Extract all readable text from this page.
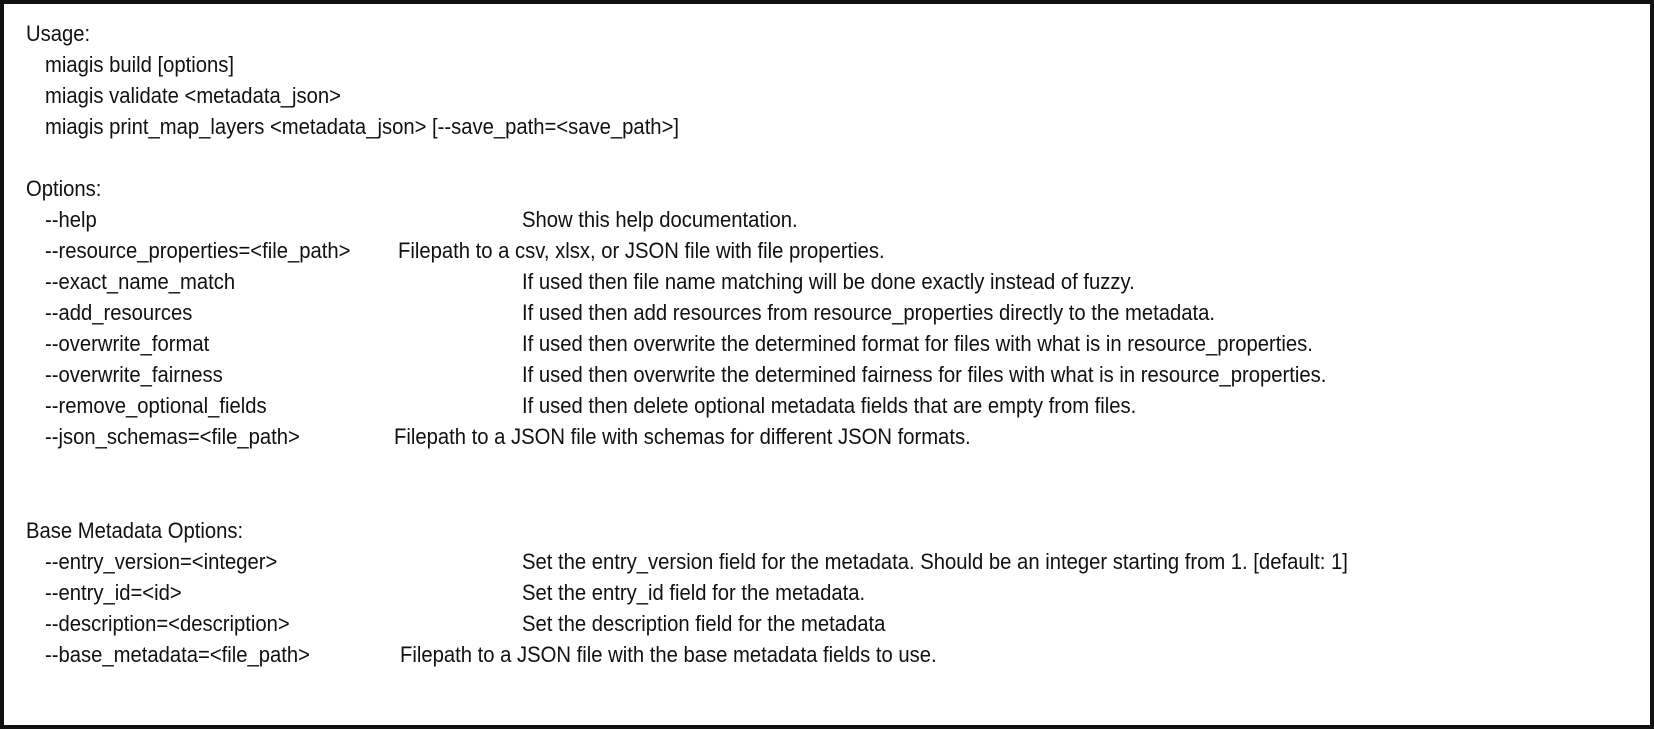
Usage:
miagis build [options]
miagis validate <metadata_json>
miagis print_map_layers <metadata_json> [--save_path=<save_path>]
Options:
--help	Show this help documentation.
--resource_properties=<file_path> Filepath to a csv, xlsx, or JSON file with file properties.
--exact_name_match	If used then file name matching will be done exactly instead of fuzzy.
--add_resources	If used then add resources from resource_properties directly to the metadata.
--overwrite_format	If used then overwrite the determined format for files with what is in resource_properties.
--overwrite_fairness	If used then overwrite the determined fairness for files with what is in resource_properties.
--remove_optional_fields	If used then delete optional metadata fields that are empty from files.
--json_schemas=<file_path>	Filepath to a JSON file with schemas for different JSON formats.
Base Metadata Options:
--entry_version=<integer>	Set the entry_version field for the metadata. Should be an integer starting from 1. [default: 1]
--entry_id=<id>	Set the entry_id field for the metadata.
--description=<description>	Set the description field for the metadata
--base_metadata=<file_path>	Filepath to a JSON file with the base metadata fields to use.
